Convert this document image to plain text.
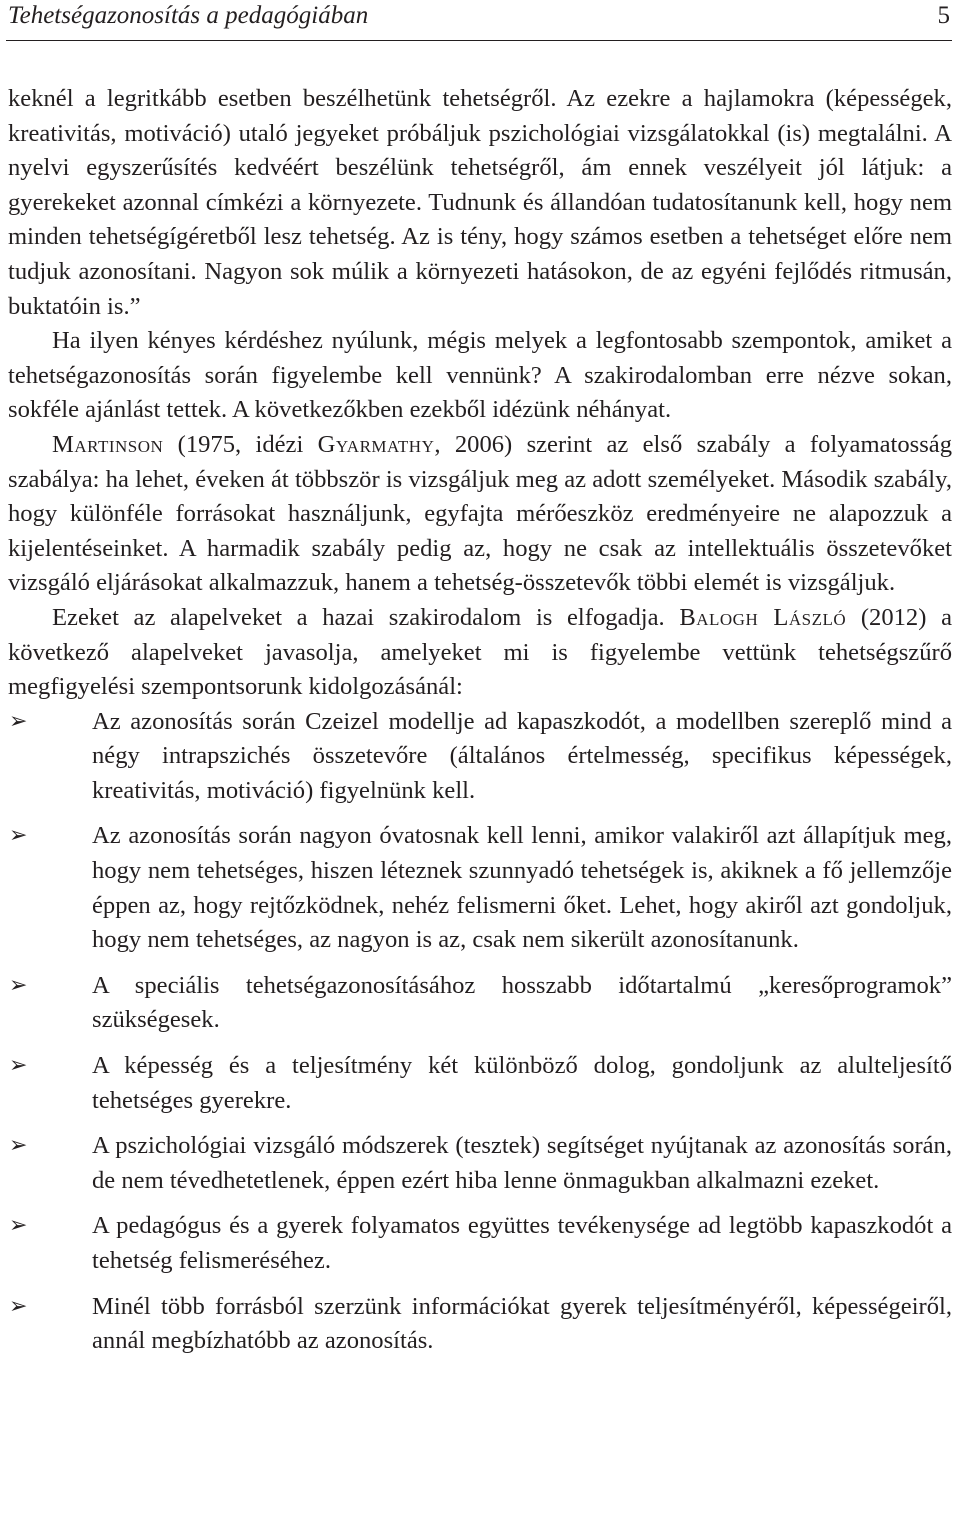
Tehetségazonosítás a pedagógiában	5

keknél a legritkább esetben beszélhetünk tehetségről. Az ezekre a hajlamokra (képességek, kreativitás, motiváció) utaló jegyeket próbáljuk pszichológiai vizsgálatokkal (is) megtalálni. A nyelvi egyszerűsítés kedvéért beszélünk tehetségről, ám ennek veszélyeit jól látjuk: a gyerekeket azonnal címkézi a környezete. Tudnunk és állandóan tudatosítanunk kell, hogy nem minden tehetségígéretből lesz tehetség. Az is tény, hogy számos esetben a tehetséget előre nem tudjuk azonosítani. Nagyon sok múlik a környezeti hatásokon, de az egyéni fejlődés ritmusán, buktatóin is.”

Ha ilyen kényes kérdéshez nyúlunk, mégis melyek a legfontosabb szempontok, amiket a tehetségazonosítás során figyelembe kell vennünk? A szakirodalomban erre nézve sokan, sokféle ajánlást tettek. A következőkben ezekből idézünk néhányat.

Martinson (1975, idézi Gyarmathy, 2006) szerint az első szabály a folyamatosság szabálya: ha lehet, éveken át többször is vizsgáljuk meg az adott személyeket. Második szabály, hogy különféle forrásokat használjunk, egyfajta mérőeszköz eredményeire ne alapozzuk a kijelentéseinket. A harmadik szabály pedig az, hogy ne csak az intellektuális összetevőket vizsgáló eljárásokat alkalmazzuk, hanem a tehetség-összetevők többi elemét is vizsgáljuk.

Ezeket az alapelveket a hazai szakirodalom is elfogadja. Balogh László (2012) a következő alapelveket javasolja, amelyeket mi is figyelembe vettünk tehetségszűrő megfigyelési szempontsorunk kidolgozásánál:

➢	Az azonosítás során Czeizel modellje ad kapaszkodót, a modellben szereplő mind a négy intrapszichés összetevőre (általános értelmesség, specifikus képességek, kreativitás, motiváció) figyelnünk kell.
➢	Az azonosítás során nagyon óvatosnak kell lenni, amikor valakiről azt állapítjuk meg, hogy nem tehetséges, hiszen léteznek szunnyadó tehetségek is, akiknek a fő jellemzője éppen az, hogy rejtőzködnek, nehéz felismerni őket. Lehet, hogy akiről azt gondoljuk, hogy nem tehetséges, az nagyon is az, csak nem sikerült azonosítanunk.
➢	A speciális tehetségazonosításához hosszabb időtartalmú „keresőprogramok” szükségesek.
➢	A képesség és a teljesítmény két különböző dolog, gondoljunk az alulteljesítő tehetséges gyerekre.
➢	A pszichológiai vizsgáló módszerek (tesztek) segítséget nyújtanak az azonosítás során, de nem tévedhetetlenek, éppen ezért hiba lenne önmagukban alkalmazni ezeket.
➢	A pedagógus és a gyerek folyamatos együttes tevékenysége ad legtöbb kapaszkodót a tehetség felismeréséhez.
➢	Minél több forrásból szerzünk információkat gyerek teljesítményéről, képességeiről, annál megbízhatóbb az azonosítás.
